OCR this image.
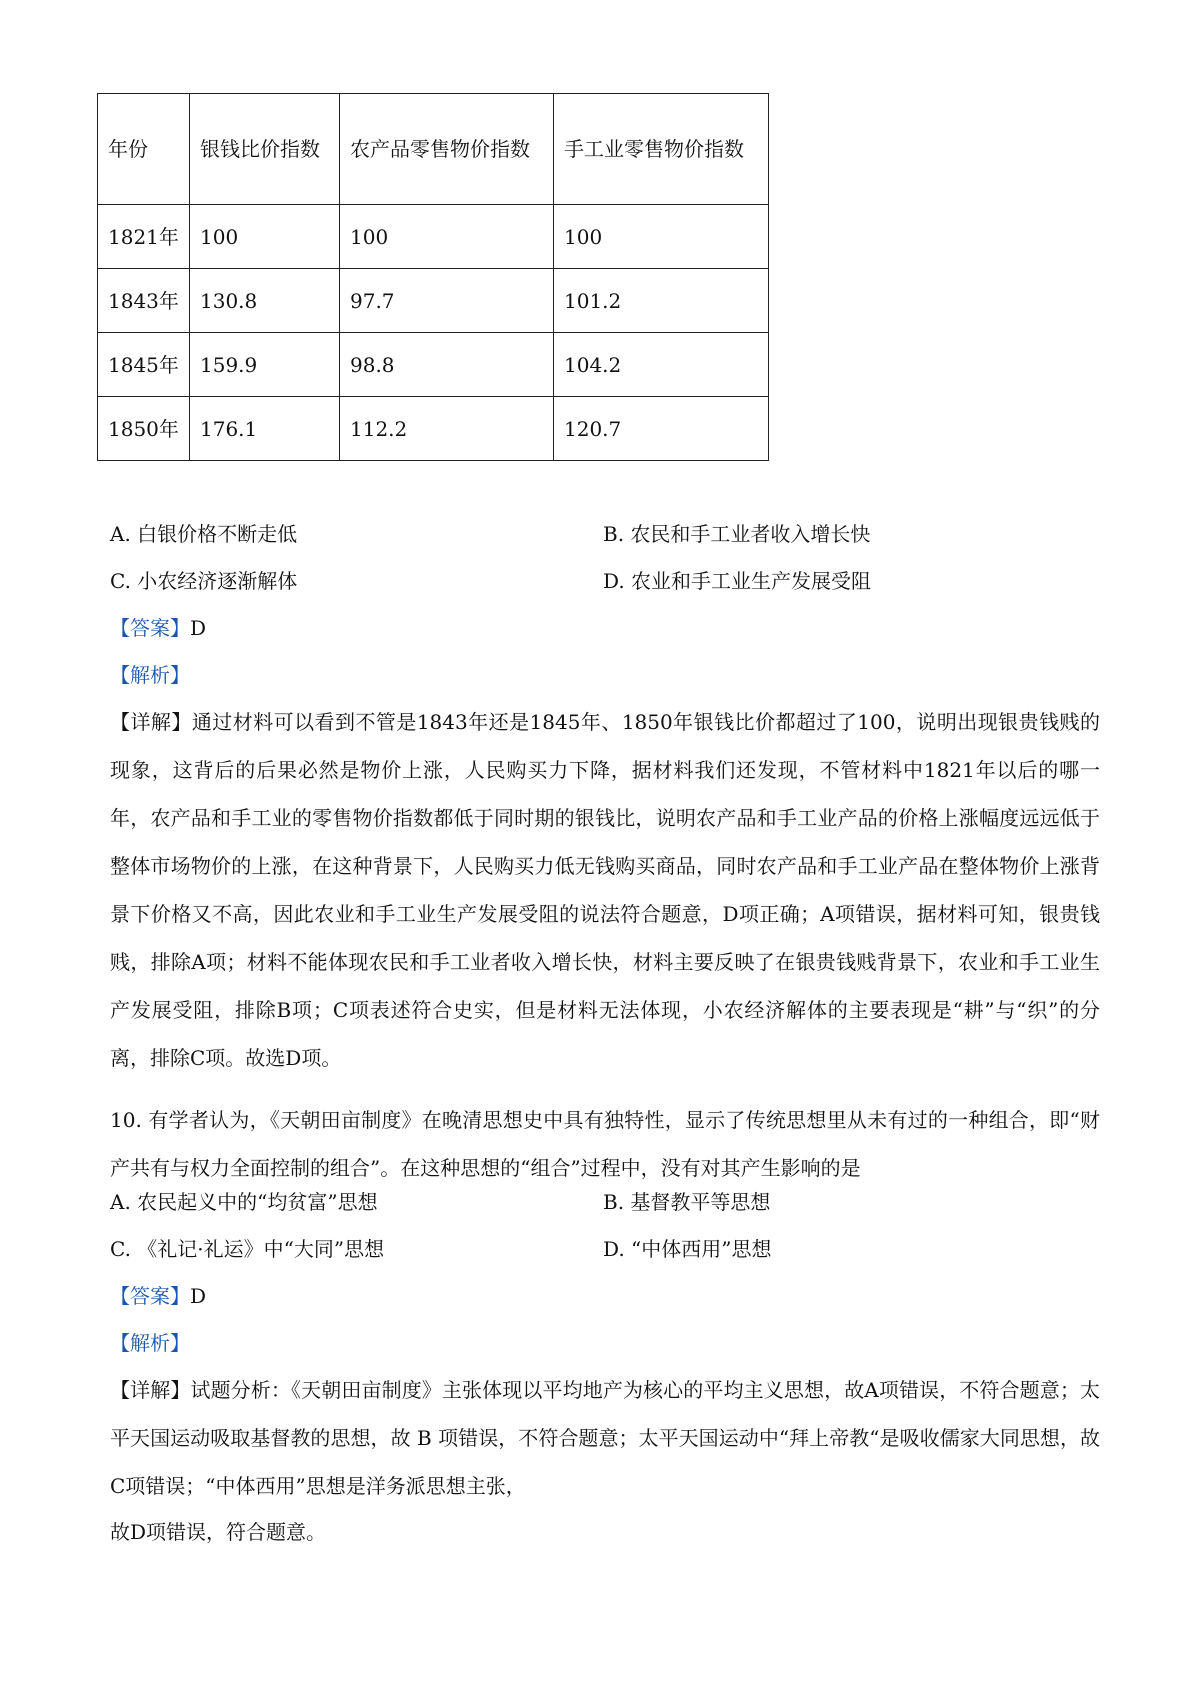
年份	银钱比价指数	农产品零售物价指数	手工业零售物价指数
1821年	100	100	100
1843年	130.8	97.7	101.2
1845年	159.9	98.8	104.2
1850年	176.1	112.2	120.7
A. 白银价格不断走低	B. 农民和手工业者收入增长快
C. 小农经济逐渐解体	D. 农业和手工业生产发展受阻
【答案】D
【解析】
【详解】通过材料可以看到不管是1843年还是1845年、1850年银钱比价都超过了100，说明出现银贵钱贱的现象，这背后的后果必然是物价上涨，人民购买力下降，据材料我们还发现，不管材料中1821年以后的哪一年，农产品和手工业的零售物价指数都低于同时期的银钱比，说明农产品和手工业产品的价格上涨幅度远远低于整体市场物价的上涨，在这种背景下，人民购买力低无钱购买商品，同时农产品和手工业产品在整体物价上涨背景下价格又不高，因此农业和手工业生产发展受阻的说法符合题意，D项正确；A项错误，据材料可知，银贵钱贱，排除A项；材料不能体现农民和手工业者收入增长快，材料主要反映了在银贵钱贱背景下，农业和手工业生产发展受阻，排除B项；C项表述符合史实，但是材料无法体现，小农经济解体的主要表现是“耕”与“织”的分离，排除C项。故选D项。
10. 有学者认为，《天朝田亩制度》在晚清思想史中具有独特性，显示了传统思想里从未有过的一种组合，即“财产共有与权力全面控制的组合”。在这种思想的“组合”过程中，没有对其产生影响的是
A. 农民起义中的“均贫富”思想	B. 基督教平等思想
C. 《礼记·礼运》中“大同”思想	D. “中体西用”思想
【答案】D
【解析】
【详解】试题分析：《天朝田亩制度》主张体现以平均地产为核心的平均主义思想，故A项错误，不符合题意；太平天国运动吸取基督教的思想，故 B 项错误，不符合题意；太平天国运动中“拜上帝教“是吸收儒家大同思想，故C项错误；“中体西用”思想是洋务派思想主张，
故D项错误，符合题意。
